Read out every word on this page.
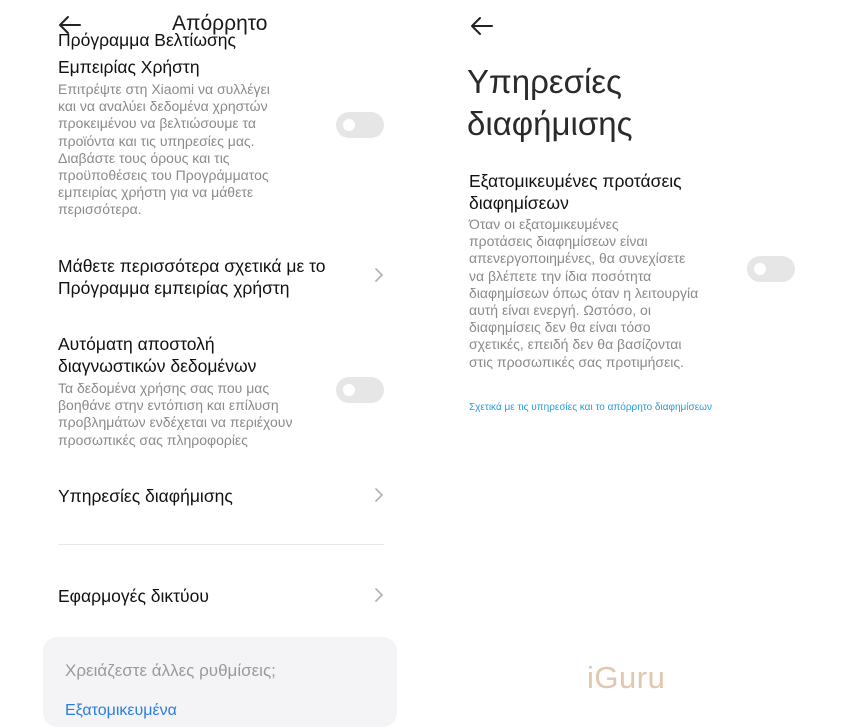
Απόρρητο
Πρόγραμμα Βελτίωσης
Εμπειρίας Χρήστη
Επιτρέψτε στη Xiaomi να συλλέγει
και να αναλύει δεδομένα χρηστών
προκειμένου να βελτιώσουμε τα
προϊόντα και τις υπηρεσίες μας.
Διαβάστε τους όρους και τις
προϋποθέσεις του Προγράμματος
εμπειρίας χρήστη για να μάθετε
περισσότερα.
Μάθετε περισσότερα σχετικά με το
Πρόγραμμα εμπειρίας χρήστη
Αυτόματη αποστολή
διαγνωστικών δεδομένων
Τα δεδομένα χρήσης σας που μας
βοηθάνε στην εντόπιση και επίλυση
προβλημάτων ενδέχεται να περιέχουν
προσωπικές σας πληροφορίες
Υπηρεσίες διαφήμισης
Εφαρμογές δικτύου
Χρειάζεστε άλλες ρυθμίσεις;
Εξατομικευμένα
Υπηρεσίες
διαφήμισης
Εξατομικευμένες προτάσεις
διαφημίσεων
Όταν οι εξατομικευμένες
προτάσεις διαφημίσεων είναι
απενεργοποιημένες, θα συνεχίσετε
να βλέπετε την ίδια ποσότητα
διαφημίσεων όπως όταν η λειτουργία
αυτή είναι ενεργή. Ωστόσο, οι
διαφημίσεις δεν θα είναι τόσο
σχετικές, επειδή δεν θα βασίζονται
στις προσωπικές σας προτιμήσεις.
Σχετικά με τις υπηρεσίες και το απόρρητο διαφημίσεων
iGuru
